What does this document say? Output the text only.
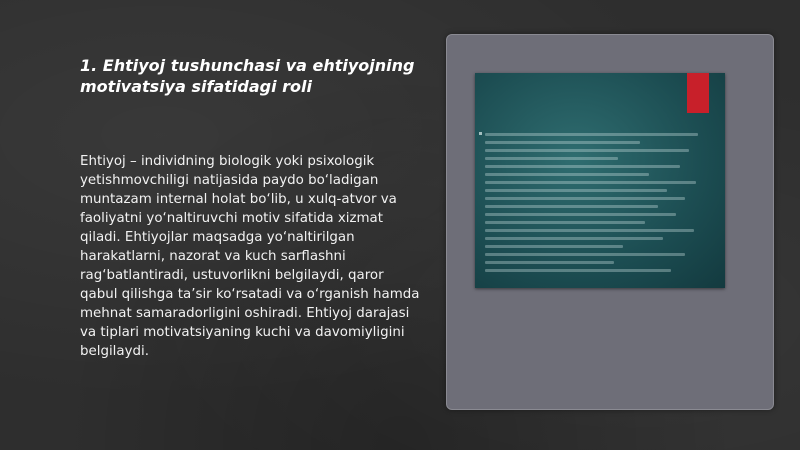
1. Ehtiyoj tushunchasi va ehtiyojning motivatsiya sifatidagi roli

Ehtiyoj – individning biologik yoki psixologik yetishmovchiligi natijasida paydo bo‘ladigan muntazam internal holat bo‘lib, u xulq-atvor va faoliyatni yo‘naltiruvchi motiv sifatida xizmat qiladi. Ehtiyojlar maqsadga yo‘naltirilgan harakatlarni, nazorat va kuch sarflashni rag‘batlantiradi, ustuvorlikni belgilaydi, qaror qabul qilishga ta’sir ko‘rsatadi va o‘rganish hamda mehnat samaradorligini oshiradi. Ehtiyoj darajasi va tiplari motivatsiyaning kuchi va davomiyligini belgilaydi.
